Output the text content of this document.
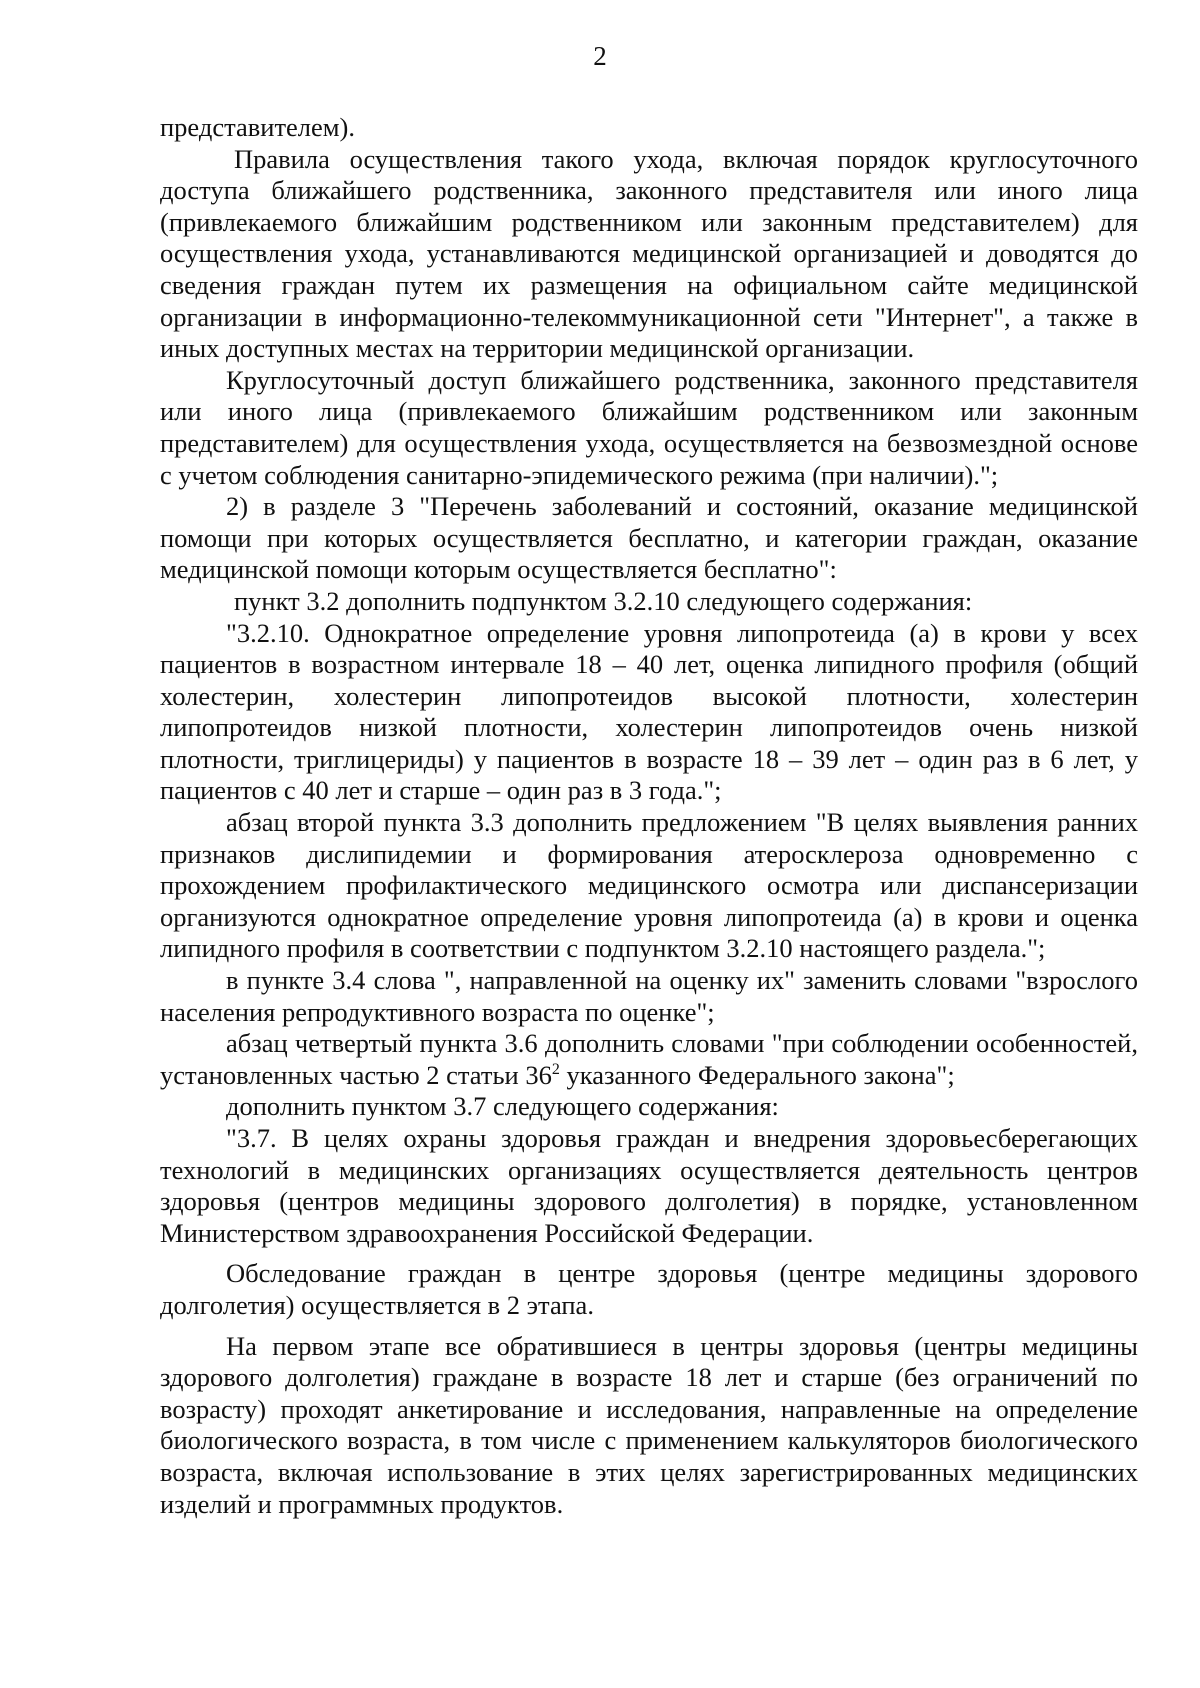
2

представителем).

Правила осуществления такого ухода, включая порядок круглосуточного доступа ближайшего родственника, законного представителя или иного лица (привлекаемого ближайшим родственником или законным представителем) для осуществления ухода, устанавливаются медицинской организацией и доводятся до сведения граждан путем их размещения на официальном сайте медицинской организации в информационно-телекоммуникационной сети "Интернет", а также в иных доступных местах на территории медицинской организации.

Круглосуточный доступ ближайшего родственника, законного представителя или иного лица (привлекаемого ближайшим родственником или законным представителем) для осуществления ухода, осуществляется на безвозмездной основе с учетом соблюдения санитарно-эпидемического режима (при наличии).";

2) в разделе 3 "Перечень заболеваний и состояний, оказание медицинской помощи при которых осуществляется бесплатно, и категории граждан, оказание медицинской помощи которым осуществляется бесплатно":

пункт 3.2 дополнить подпунктом 3.2.10 следующего содержания:

"3.2.10. Однократное определение уровня липопротеида (а) в крови у всех пациентов в возрастном интервале 18 – 40 лет, оценка липидного профиля (общий холестерин, холестерин липопротеидов высокой плотности, холестерин липопротеидов низкой плотности, холестерин липопротеидов очень низкой плотности, триглицериды) у пациентов в возрасте 18 – 39 лет – один раз в 6 лет, у пациентов с 40 лет и старше – один раз в 3 года.";

абзац второй пункта 3.3 дополнить предложением "В целях выявления ранних признаков дислипидемии и формирования атеросклероза одновременно с прохождением профилактического медицинского осмотра или диспансеризации организуются однократное определение уровня липопротеида (а) в крови и оценка липидного профиля в соответствии с подпунктом 3.2.10 настоящего раздела.";

в пункте 3.4 слова ", направленной на оценку их" заменить словами "взрослого населения репродуктивного возраста по оценке";

абзац четвертый пункта 3.6 дополнить словами "при соблюдении особенностей, установленных частью 2 статьи $36^2$ указанного Федерального закона";

дополнить пунктом 3.7 следующего содержания:

"3.7. В целях охраны здоровья граждан и внедрения здоровьесберегающих технологий в медицинских организациях осуществляется деятельность центров здоровья (центров медицины здорового долголетия) в порядке, установленном Министерством здравоохранения Российской Федерации.

Обследование граждан в центре здоровья (центре медицины здорового долголетия) осуществляется в 2 этапа.

На первом этапе все обратившиеся в центры здоровья (центры медицины здорового долголетия) граждане в возрасте 18 лет и старше (без ограничений по возрасту) проходят анкетирование и исследования, направленные на определение биологического возраста, в том числе с применением калькуляторов биологического возраста, включая использование в этих целях зарегистрированных медицинских изделий и программных продуктов.
